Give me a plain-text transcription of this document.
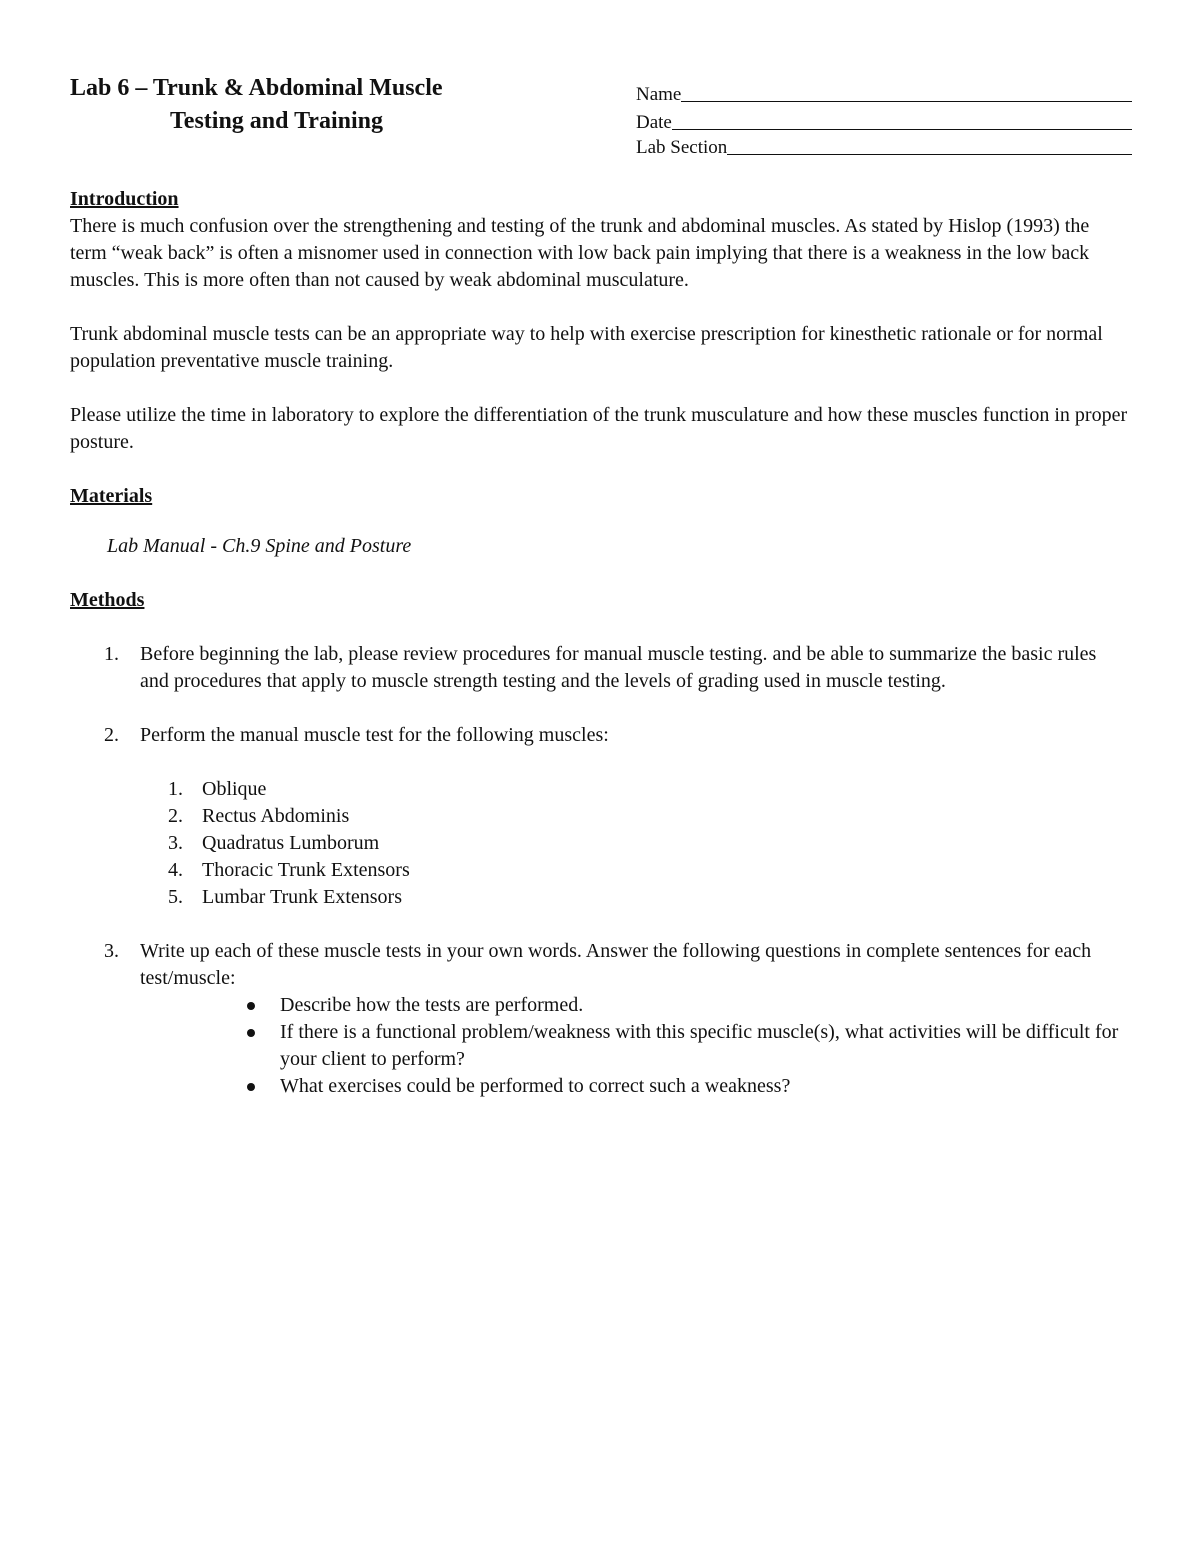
Lab 6 – Trunk & Abdominal Muscle
Testing and Training
Name
Date
Lab Section
Introduction

There is much confusion over the strengthening and testing of the trunk and abdominal muscles. As stated by Hislop (1993) the term “weak back” is often a misnomer used in connection with low back pain implying that there is a weakness in the low back muscles. This is more often than not caused by weak abdominal musculature.

Trunk abdominal muscle tests can be an appropriate way to help with exercise prescription for kinesthetic rationale or for normal population preventative muscle training.

Please utilize the time in laboratory to explore the differentiation of the trunk musculature and how these muscles function in proper posture.

Materials
Lab Manual - Ch.9 Spine and Posture
Methods
1.	Before beginning the lab, please review procedures for manual muscle testing. and be able to summarize the basic rules and procedures that apply to muscle strength testing and the levels of grading used in muscle testing.
2.	Perform the manual muscle test for the following muscles:
1. Oblique
2. Rectus Abdominis
3. Quadratus Lumborum
4. Thoracic Trunk Extensors
5. Lumbar Trunk Extensors
3.	Write up each of these muscle tests in your own words. Answer the following questions in complete sentences for each test/muscle:
Describe how the tests are performed.
If there is a functional problem/weakness with this specific muscle(s), what activities will be difficult for your client to perform?
What exercises could be performed to correct such a weakness?
